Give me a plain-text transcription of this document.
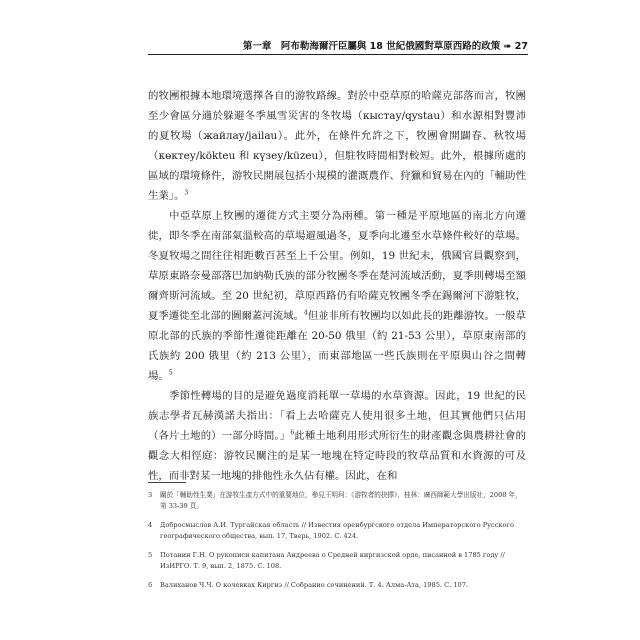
第一章　阿布勒海爾汗臣屬與 18 世紀俄國對草原西路的政策 ➠ 27

的牧團根據本地環境選擇各自的游牧路線。對於中亞草原的哈薩克部落而言，牧團至少會區分適於躲避冬季風雪災害的冬牧場（кыстау/qystau）和水源相對豐沛的夏牧場（жайлау/jailau）。此外，在條件允許之下，牧團會開闢春、秋牧場（көктеу/kökteu 和 күзеу/küzeu），但駐牧時間相對較短。此外，根據所處的區域的環境條件，游牧民開展包括小規模的灌溉農作、狩獵和貿易在內的「輔助性生業」。$^3$

中亞草原上牧團的遷徙方式主要分為兩種。第一種是平原地區的南北方向遷徙，即冬季在南部氣溫較高的草場避風過冬，夏季向北遷至水草條件較好的草場。冬夏牧場之間往往相距數百甚至上千公里。例如，19 世紀末，俄國官員觀察到，草原東路奈曼部落巴加納勒氏族的部分牧團冬季在楚河流域活動，夏季則轉場至額爾齊斯河流域。至 20 世紀初，草原西路仍有哈薩克牧團冬季在錫爾河下游駐牧，夏季遷徙至北部的圖爾蓋河流域。$^4$但並非所有牧團均以如此長的距離游牧。一般草原北部的氏族的季節性遷徙距離在 20-50 俄里（約 21-53 公里），草原東南部的氏族約 200 俄里（約 213 公里），而東部地區一些氏族則在平原與山谷之間轉場。$^5$

季節性轉場的目的是避免過度消耗單一草場的水草資源。因此，19 世紀的民族志學者瓦赫漢諾夫指出：「看上去哈薩克人使用很多土地，但其實他們只佔用（各片土地的）一部分時間。」$^6$此種土地利用形式所衍生的財產觀念與農耕社會的觀念大相徑庭：游牧民關注的是某一地塊在特定時段的牧草品質和水資源的可及性，而非對某一地塊的排他性永久佔有權。因此，在和

3	關於「輔助性生業」在游牧生產方式中的重要地位，參見王明珂：《游牧者的抉擇》，桂林：廣西師範大學出版社，2008 年，第 33-39 頁。
4	Добросмыслов А.И. Тургайская область // Известия оренбургского отдела Императорского Русского географического общества, вып. 17, Тверь, 1902. С. 424.
5	Потанин Г.Н. О рукописи капитана Андреева о Средней киргизской орде, писанной в 1785 году // ИзИРГО. Т. 9, вып. 2, 1875. С. 108.
6	Валиханов Ч.Ч. О кочевках Киргиз // Собрание сочинений. Т. 4. Алма-Ата, 1985. С. 107.
